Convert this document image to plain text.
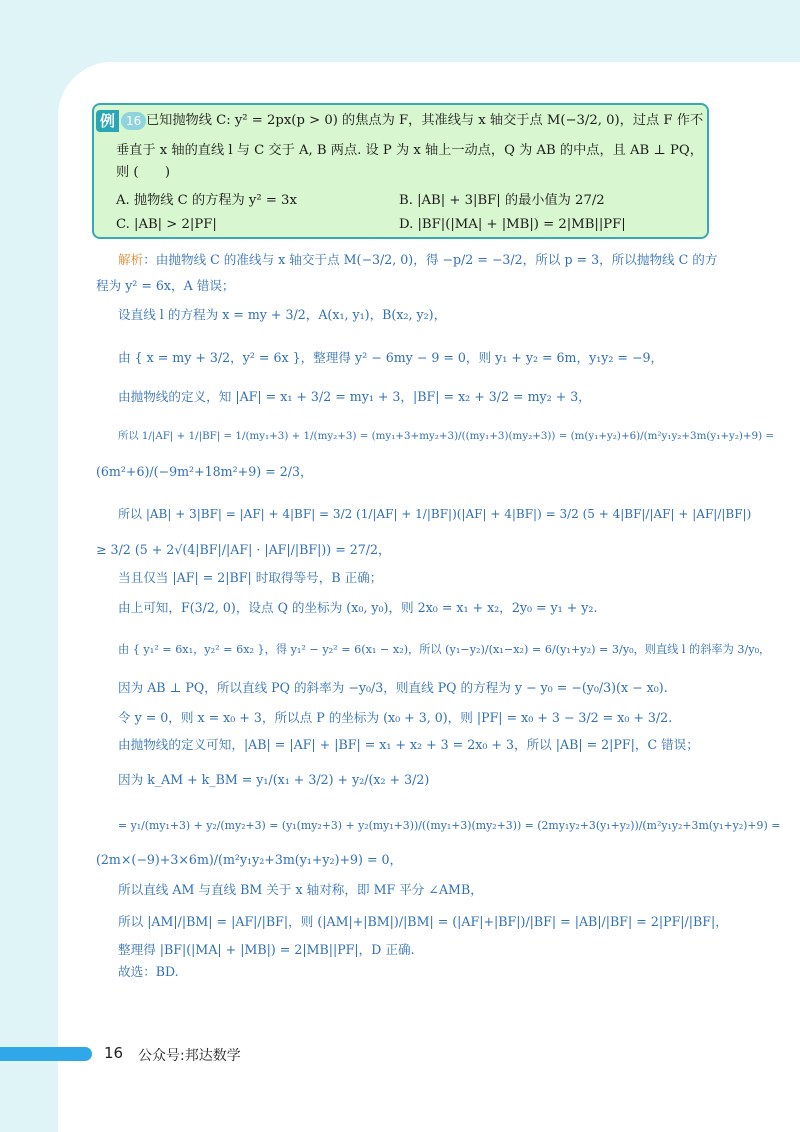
例 16 已知抛物线 C: y² = 2px(p > 0) 的焦点为 F，其准线与 x 轴交于点 M(−3/2, 0)，过点 F 作不
垂直于 x 轴的直线 l 与 C 交于 A, B 两点. 设 P 为 x 轴上一动点，Q 为 AB 的中点，且 AB ⊥ PQ，
则 (　　)
A. 抛物线 C 的方程为 y² = 3x	B. |AB| + 3|BF| 的最小值为 27/2
C. |AB| > 2|PF|	D. |BF|(|MA| + |MB|) = 2|MB||PF|
解析：由抛物线 C 的准线与 x 轴交于点 M(−3/2, 0)，得 −p/2 = −3/2，所以 p = 3，所以抛物线 C 的方
程为 y² = 6x，A 错误；
设直线 l 的方程为 x = my + 3/2，A(x₁, y₁)，B(x₂, y₂)，
由 { x = my + 3/2，y² = 6x }，整理得 y² − 6my − 9 = 0，则 y₁ + y₂ = 6m，y₁y₂ = −9，
由抛物线的定义，知 |AF| = x₁ + 3/2 = my₁ + 3，|BF| = x₂ + 3/2 = my₂ + 3，
所以 1/|AF| + 1/|BF| = 1/(my₁+3) + 1/(my₂+3) = (my₁+3+my₂+3)/((my₁+3)(my₂+3)) = (m(y₁+y₂)+6)/(m²y₁y₂+3m(y₁+y₂)+9) =
(6m²+6)/(−9m²+18m²+9) = 2/3，
所以 |AB| + 3|BF| = |AF| + 4|BF| = 3/2 (1/|AF| + 1/|BF|)(|AF| + 4|BF|) = 3/2 (5 + 4|BF|/|AF| + |AF|/|BF|)
≥ 3/2 (5 + 2√(4|BF|/|AF| · |AF|/|BF|)) = 27/2，
当且仅当 |AF| = 2|BF| 时取得等号，B 正确；
由上可知，F(3/2, 0)，设点 Q 的坐标为 (x₀, y₀)，则 2x₀ = x₁ + x₂，2y₀ = y₁ + y₂.
由 { y₁² = 6x₁，y₂² = 6x₂ }，得 y₁² − y₂² = 6(x₁ − x₂)，所以 (y₁−y₂)/(x₁−x₂) = 6/(y₁+y₂) = 3/y₀，则直线 l 的斜率为 3/y₀，
因为 AB ⊥ PQ，所以直线 PQ 的斜率为 −y₀/3，则直线 PQ 的方程为 y − y₀ = −(y₀/3)(x − x₀).
令 y = 0，则 x = x₀ + 3，所以点 P 的坐标为 (x₀ + 3, 0)，则 |PF| = x₀ + 3 − 3/2 = x₀ + 3/2.
由抛物线的定义可知，|AB| = |AF| + |BF| = x₁ + x₂ + 3 = 2x₀ + 3，所以 |AB| = 2|PF|，C 错误；
因为 k_AM + k_BM = y₁/(x₁ + 3/2) + y₂/(x₂ + 3/2)
= y₁/(my₁+3) + y₂/(my₂+3) = (y₁(my₂+3) + y₂(my₁+3))/((my₁+3)(my₂+3)) = (2my₁y₂+3(y₁+y₂))/(m²y₁y₂+3m(y₁+y₂)+9) =
(2m×(−9)+3×6m)/(m²y₁y₂+3m(y₁+y₂)+9) = 0，
所以直线 AM 与直线 BM 关于 x 轴对称，即 MF 平分 ∠AMB，
所以 |AM|/|BM| = |AF|/|BF|，则 (|AM|+|BM|)/|BM| = (|AF|+|BF|)/|BF| = |AB|/|BF| = 2|PF|/|BF|，
整理得 |BF|(|MA| + |MB|) = 2|MB||PF|，D 正确.
故选：BD.
16 公众号:邦达数学
